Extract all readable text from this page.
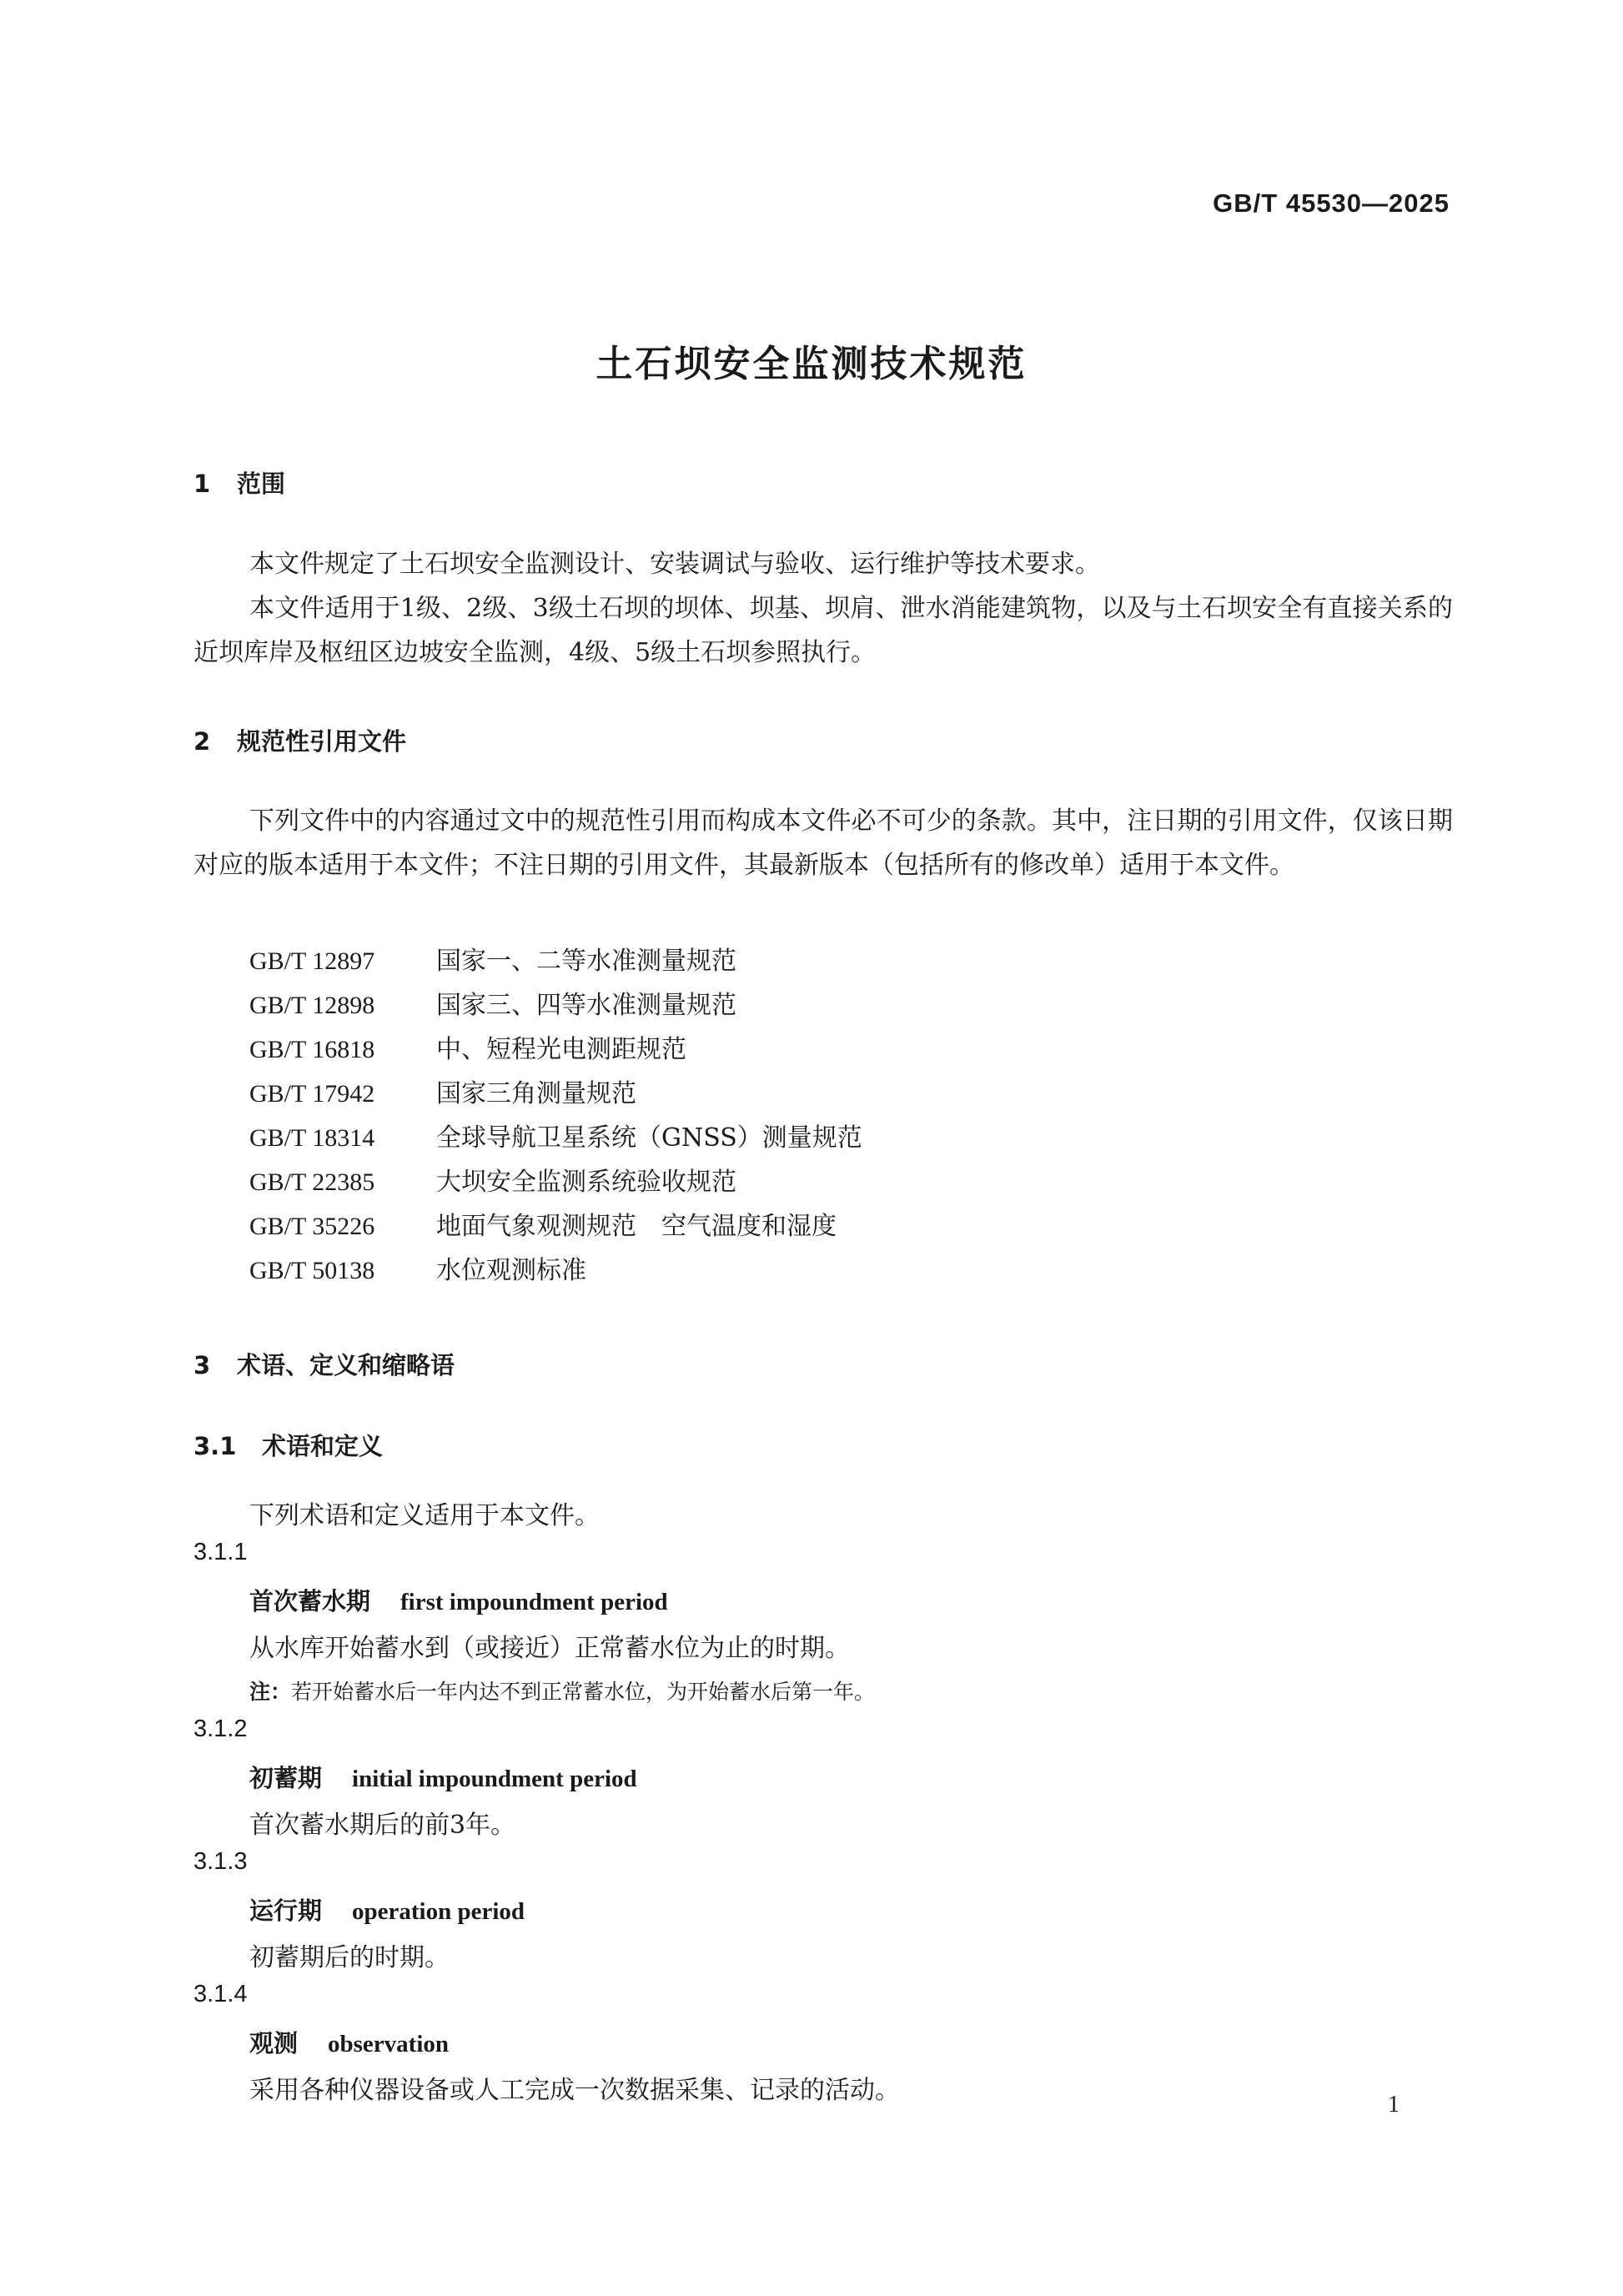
GB/T 45530—2025
土石坝安全监测技术规范
1 范围
本文件规定了土石坝安全监测设计、安装调试与验收、运行维护等技术要求。
本文件适用于1级、2级、3级土石坝的坝体、坝基、坝肩、泄水消能建筑物，以及与土石坝安全有直接关系的近坝库岸及枢纽区边坡安全监测，4级、5级土石坝参照执行。
2 规范性引用文件
下列文件中的内容通过文中的规范性引用而构成本文件必不可少的条款。其中，注日期的引用文件，仅该日期对应的版本适用于本文件；不注日期的引用文件，其最新版本（包括所有的修改单）适用于本文件。
GB/T 12897 国家一、二等水准测量规范
GB/T 12898 国家三、四等水准测量规范
GB/T 16818 中、短程光电测距规范
GB/T 17942 国家三角测量规范
GB/T 18314 全球导航卫星系统（GNSS）测量规范
GB/T 22385 大坝安全监测系统验收规范
GB/T 35226 地面气象观测规范　空气温度和湿度
GB/T 50138 水位观测标准
3 术语、定义和缩略语
3.1 术语和定义
下列术语和定义适用于本文件。
3.1.1
首次蓄水期 first impoundment period
从水库开始蓄水到（或接近）正常蓄水位为止的时期。
注：若开始蓄水后一年内达不到正常蓄水位，为开始蓄水后第一年。
3.1.2
初蓄期 initial impoundment period
首次蓄水期后的前3年。
3.1.3
运行期 operation period
初蓄期后的时期。
3.1.4
观测 observation
采用各种仪器设备或人工完成一次数据采集、记录的活动。	1
